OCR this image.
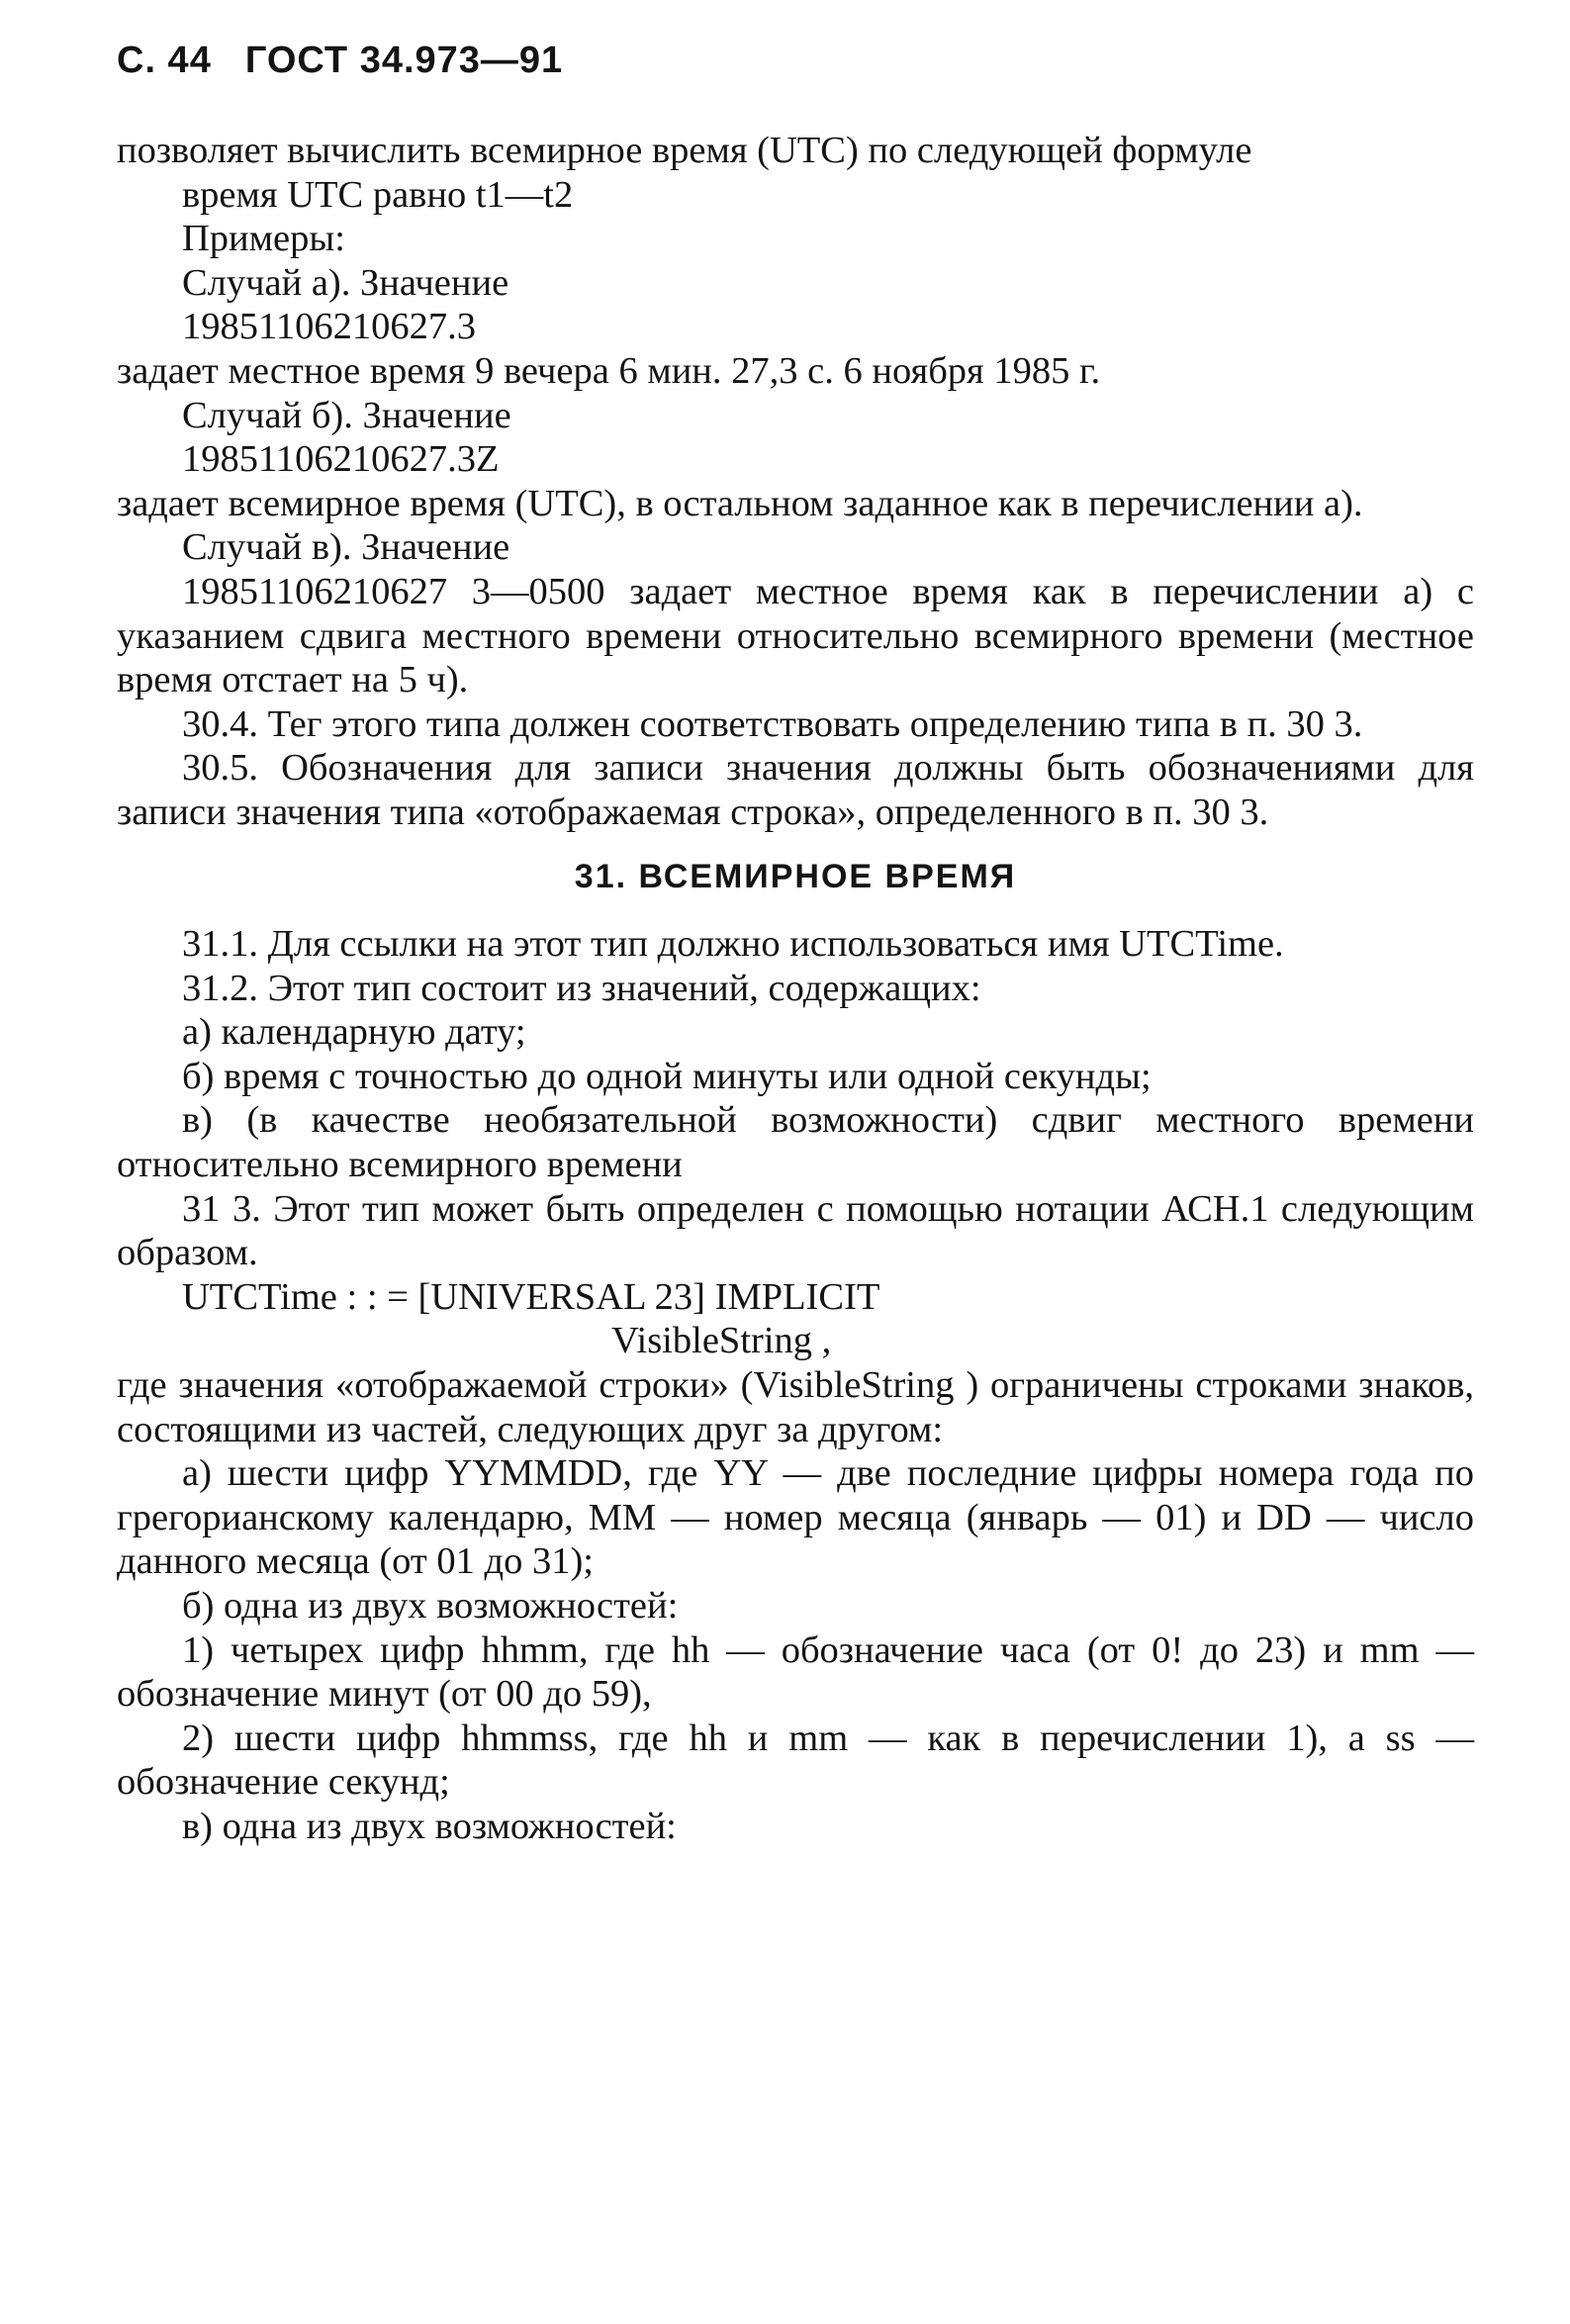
С. 44 ГОСТ 34.973—91

позволяет вычислить всемирное время (UTC) по следующей формуле

время UTC равно t1—t2

Примеры:

Случай а). Значение

19851106210627.3

задает местное время 9 вечера 6 мин. 27,3 с. 6 ноября 1985 г.

Случай б). Значение

19851106210627.3Z

задает всемирное время (UTC), в остальном заданное как в перечислении а).

Случай в). Значение

19851106210627 3—0500 задает местное время как в перечислении а) с указанием сдвига местного времени относительно всемирного времени (местное время отстает на 5 ч).

30.4. Тег этого типа должен соответствовать определению типа в п. 30 3.

30.5. Обозначения для записи значения должны быть обозначениями для записи значения типа «отображаемая строка», определенного в п. 30 3.

31. ВСЕМИРНОЕ ВРЕМЯ

31.1. Для ссылки на этот тип должно использоваться имя UTCTime.

31.2. Этот тип состоит из значений, содержащих:

а) календарную дату;

б) время с точностью до одной минуты или одной секунды;

в) (в качестве необязательной возможности) сдвиг местного времени относительно всемирного времени

31 3. Этот тип может быть определен с помощью нотации АСН.1 следующим образом.

UTCTime : : = [UNIVERSAL 23] IMPLICIT

VisibleString ,

где значения «отображаемой строки» (VisibleString ) ограничены строками знаков, состоящими из частей, следующих друг за другом:

а) шести цифр YYMMDD, где YY — две последние цифры номера года по грегорианскому календарю, ММ — номер месяца (январь — 01) и DD — число данного месяца (от 01 до 31);

б) одна из двух возможностей:

1) четырех цифр hhmm, где hh — обозначение часа (от 0! до 23) и mm — обозначение минут (от 00 до 59),

2) шести цифр hhmmss, где hh и mm — как в перечислении 1), a ss — обозначение секунд;

в) одна из двух возможностей:
